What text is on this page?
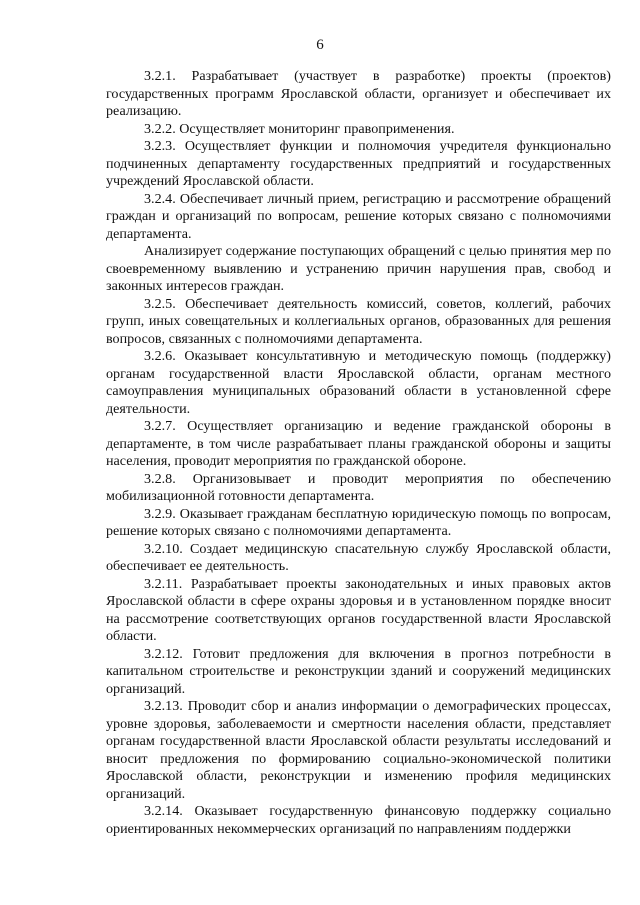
6

3.2.1. Разрабатывает (участвует в разработке) проекты (проектов) государственных программ Ярославской области, организует и обеспечивает их реализацию.

3.2.2. Осуществляет мониторинг правоприменения.

3.2.3. Осуществляет функции и полномочия учредителя функционально подчиненных департаменту государственных предприятий и государственных учреждений Ярославской области.

3.2.4. Обеспечивает личный прием, регистрацию и рассмотрение обращений граждан и организаций по вопросам, решение которых связано с полномочиями департамента.

Анализирует содержание поступающих обращений с целью принятия мер по своевременному выявлению и устранению причин нарушения прав, свобод и законных интересов граждан.

3.2.5. Обеспечивает деятельность комиссий, советов, коллегий, рабочих групп, иных совещательных и коллегиальных органов, образованных для решения вопросов, связанных с полномочиями департамента.

3.2.6. Оказывает консультативную и методическую помощь (поддержку) органам государственной власти Ярославской области, органам местного самоуправления муниципальных образований области в установленной сфере деятельности.

3.2.7. Осуществляет организацию и ведение гражданской обороны в департаменте, в том числе разрабатывает планы гражданской обороны и защиты населения, проводит мероприятия по гражданской обороне.

3.2.8. Организовывает и проводит мероприятия по обеспечению мобилизационной готовности департамента.

3.2.9. Оказывает гражданам бесплатную юридическую помощь по вопросам, решение которых связано с полномочиями департамента.

3.2.10. Создает медицинскую спасательную службу Ярославской области, обеспечивает ее деятельность.

3.2.11. Разрабатывает проекты законодательных и иных правовых актов Ярославской области в сфере охраны здоровья и в установленном порядке вносит на рассмотрение соответствующих органов государственной власти Ярославской области.

3.2.12. Готовит предложения для включения в прогноз потребности в капитальном строительстве и реконструкции зданий и сооружений медицинских организаций.

3.2.13. Проводит сбор и анализ информации о демографических процессах, уровне здоровья, заболеваемости и смертности населения области, представляет органам государственной власти Ярославской области результаты исследований и вносит предложения по формированию социально-экономической политики Ярославской области, реконструкции и изменению профиля медицинских организаций.

3.2.14. Оказывает государственную финансовую поддержку социально ориентированных некоммерческих организаций по направлениям поддержки
